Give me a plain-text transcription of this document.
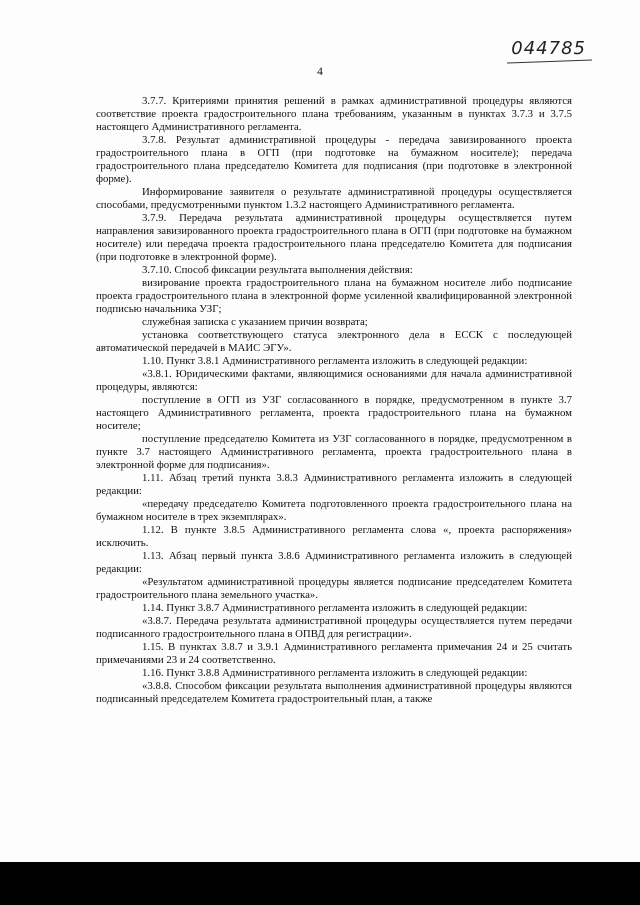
044785
4

3.7.7. Критериями принятия решений в рамках административной процедуры являются соответствие проекта градостроительного плана требованиям, указанным в пунктах 3.7.3 и 3.7.5 настоящего Административного регламента.

3.7.8. Результат административной процедуры - передача завизированного проекта градостроительного плана в ОГП (при подготовке на бумажном носителе); передача градостроительного плана председателю Комитета для подписания (при подготовке в электронной форме).

Информирование заявителя о результате административной процедуры осуществляется способами, предусмотренными пунктом 1.3.2 настоящего Административного регламента.

3.7.9. Передача результата административной процедуры осуществляется путем направления завизированного проекта градостроительного плана в ОГП (при подготовке на бумажном носителе) или передача проекта градостроительного плана председателю Комитета для подписания (при подготовке в электронной форме).

3.7.10. Способ фиксации результата выполнения действия:

визирование проекта градостроительного плана на бумажном носителе либо подписание проекта градостроительного плана в электронной форме усиленной квалифицированной электронной подписью начальника УЗГ;

служебная записка с указанием причин возврата;

установка соответствующего статуса электронного дела в ЕССК с последующей автоматической передачей в МАИС ЭГУ».

1.10. Пункт 3.8.1 Административного регламента изложить в следующей редакции:

«3.8.1. Юридическими фактами, являющимися основаниями для начала административной процедуры, являются:

поступление в ОГП из УЗГ согласованного в порядке, предусмотренном в пункте 3.7 настоящего Административного регламента, проекта градостроительного плана на бумажном носителе;

поступление председателю Комитета из УЗГ согласованного в порядке, предусмотренном в пункте 3.7 настоящего Административного регламента, проекта градостроительного плана в электронной форме для подписания».

1.11. Абзац третий пункта 3.8.3 Административного регламента изложить в следующей редакции:

«передачу председателю Комитета подготовленного проекта градостроительного плана на бумажном носителе в трех экземплярах».

1.12. В пункте 3.8.5 Административного регламента слова «, проекта распоряжения» исключить.

1.13. Абзац первый пункта 3.8.6 Административного регламента изложить в следующей редакции:

«Результатом административной процедуры является подписание председателем Комитета градостроительного плана земельного участка».

1.14. Пункт 3.8.7 Административного регламента изложить в следующей редакции:

«3.8.7. Передача результата административной процедуры осуществляется путем передачи подписанного градостроительного плана в ОПВД для регистрации».

1.15. В пунктах 3.8.7 и 3.9.1 Административного регламента примечания 24 и 25 считать примечаниями 23 и 24 соответственно.

1.16. Пункт 3.8.8 Административного регламента изложить в следующей редакции:

«3.8.8. Способом фиксации результата выполнения административной процедуры являются подписанный председателем Комитета градостроительный план, а также
